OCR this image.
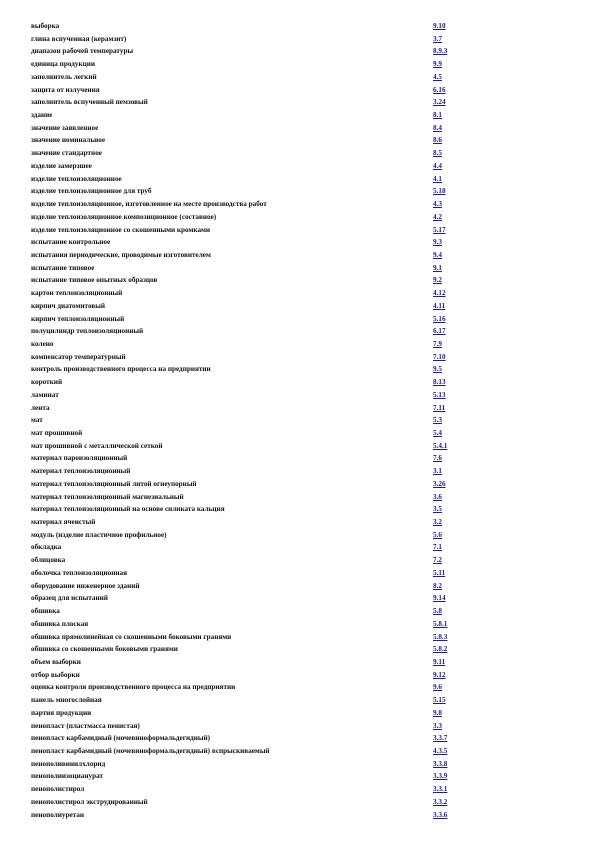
выборка	9.10
глина вспученная (керамзит)	3.7
диапазон рабочей температуры	8.9.3
единица продукции	9.9
заполнитель легкий	4.5
защита от излучения	6.16
заполнитель вспученный пемзовый	3.24
здание	8.1
значение заявленное	8.4
значение номинальное	8.6
значение стандартное	8.5
изделие замерзшее	4.4
изделие теплоизоляционное	4.1
изделие теплоизоляционное для труб	5.18
изделие теплоизоляционное, изготовленное на месте производства работ	4.3
изделие теплоизоляционное композиционное (составное)	4.2
изделие теплоизоляционное со скошенными кромками	5.17
испытание контрольное	9.3
испытания периодические, проводимые изготовителем	9.4
испытание типовое	9.1
испытание типовое опытных образцов	9.2
картон теплоизоляционный	4.12
кирпич диатомитовый	4.11
кирпич теплоизоляционный	5.16
полуцилиндр теплоизоляционный	6.17
колено	7.9
компенсатор температурный	7.10
контроль производственного процесса на предприятии	9.5
короткий	8.13
ламинат	5.13
лента	7.11
мат	5.3
мат прошивной	5.4
мат прошивной с металлической сеткой	5.4.1
материал пароизоляционный	7.6
материал теплоизоляционный	3.1
материал теплоизоляционный литой огнеупорный	3.26
материал теплоизоляционный магнезиальный	3.6
материал теплоизоляционный на основе силиката кальция	3.5
материал ячеистый	3.2
модуль (изделие пластичное профильное)	5.6
обкладка	7.1
облицовка	7.2
оболочка теплоизоляционная	5.11
оборудование инженерное зданий	8.2
образец для испытаний	9.14
обшивка	5.8
обшивка плоская	5.8.1
обшивка прямолинейная со скошенными боковыми гранями	5.8.3
обшивка со скошенными боковыми гранями	5.8.2
объем выборки	9.11
отбор выборки	9.12
оценка контроля производственного процесса на предприятии	9.6
панель многослойная	5.15
партия продукции	9.8
пенопласт (пластмасса пенистая)	3.3
пенопласт карбамидный (мочевиноформальдегидный)	3.3.7
пенопласт карбамидный (мочевиноформальдегидный) вспрыскиваемый	4.3.5
пенополивинилхлорид	3.3.8
пенополиизоцианурат	3.3.9
пенополистирол	3.3.1
пенополистирол экструдированный	3.3.2
пенополиуретан	3.3.6
